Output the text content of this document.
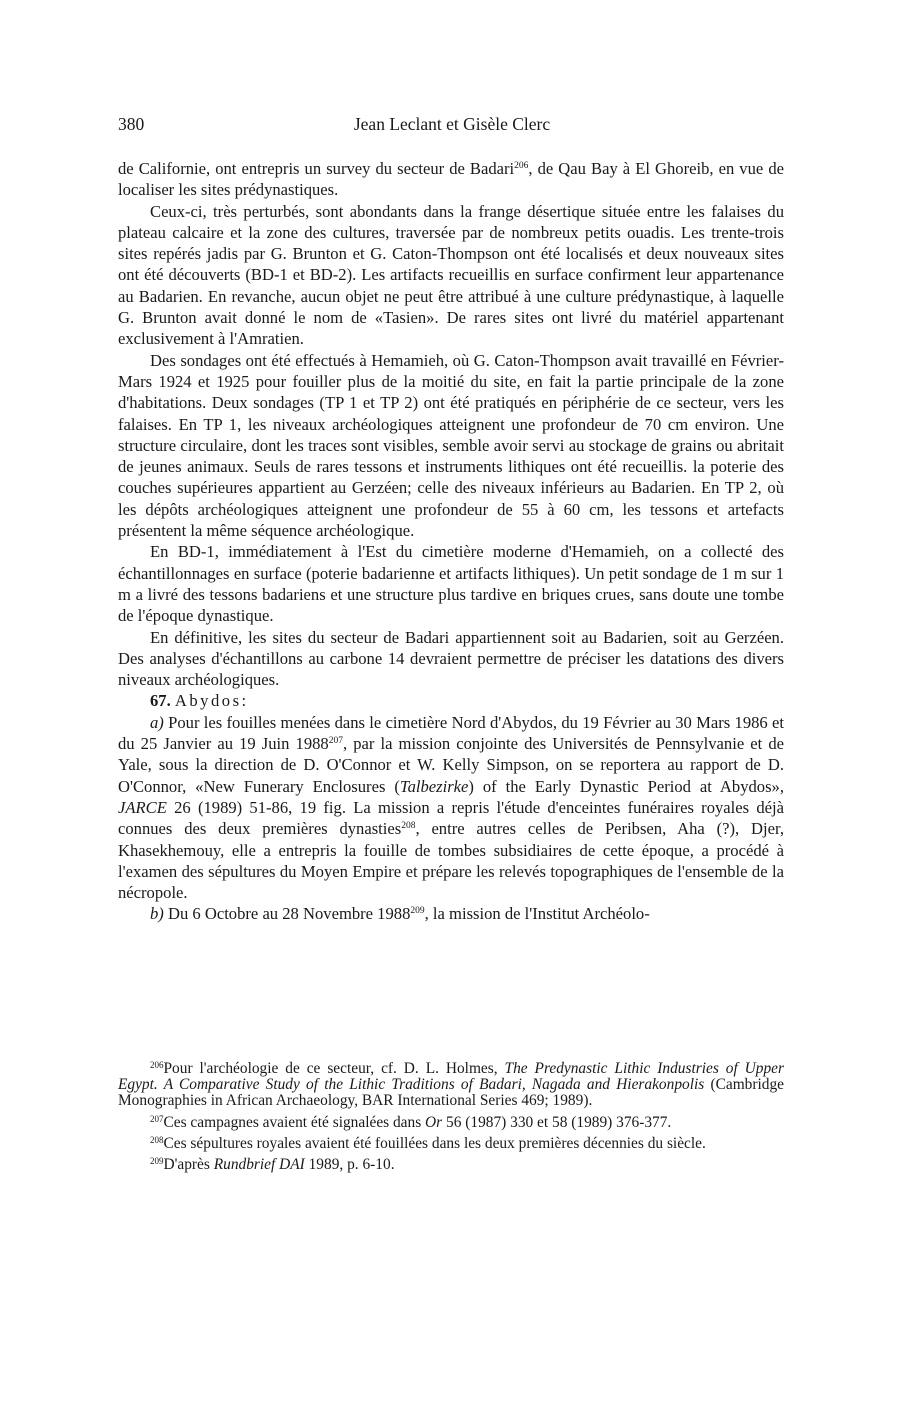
380	Jean Leclant et Gisèle Clerc

de Californie, ont entrepris un survey du secteur de Badari$^{206}$, de Qau Bay à El Ghoreib, en vue de localiser les sites prédynastiques.

Ceux-ci, très perturbés, sont abondants dans la frange désertique située entre les falaises du plateau calcaire et la zone des cultures, traversée par de nombreux petits ouadis. Les trente-trois sites repérés jadis par G. Brunton et G. Caton-Thompson ont été localisés et deux nouveaux sites ont été découverts (BD-1 et BD-2). Les artifacts recueillis en surface confirment leur appartenance au Badarien. En revanche, aucun objet ne peut être attribué à une culture prédynastique, à laquelle G. Brunton avait donné le nom de «Tasien». De rares sites ont livré du matériel appartenant exclusivement à l'Amratien.

Des sondages ont été effectués à Hemamieh, où G. Caton-Thompson avait travaillé en Février-Mars 1924 et 1925 pour fouiller plus de la moitié du site, en fait la partie principale de la zone d'habitations. Deux sondages (TP 1 et TP 2) ont été pratiqués en périphérie de ce secteur, vers les falaises. En TP 1, les niveaux archéologiques atteignent une profondeur de 70 cm environ. Une structure circulaire, dont les traces sont visibles, semble avoir servi au stockage de grains ou abritait de jeunes animaux. Seuls de rares tessons et instruments lithiques ont été recueillis. la poterie des couches supérieures appartient au Gerzéen; celle des niveaux inférieurs au Badarien. En TP 2, où les dépôts archéologiques atteignent une profondeur de 55 à 60 cm, les tessons et artefacts présentent la même séquence archéologique.

En BD-1, immédiatement à l'Est du cimetière moderne d'Hemamieh, on a collecté des échantillonnages en surface (poterie badarienne et artifacts lithiques). Un petit sondage de 1 m sur 1 m a livré des tessons badariens et une structure plus tardive en briques crues, sans doute une tombe de l'époque dynastique.

En définitive, les sites du secteur de Badari appartiennent soit au Badarien, soit au Gerzéen. Des analyses d'échantillons au carbone 14 devraient permettre de préciser les datations des divers niveaux archéologiques.

67. Abydos:

a) Pour les fouilles menées dans le cimetière Nord d'Abydos, du 19 Février au 30 Mars 1986 et du 25 Janvier au 19 Juin 1988$^{207}$, par la mission conjointe des Universités de Pennsylvanie et de Yale, sous la direction de D. O'Connor et W. Kelly Simpson, on se reportera au rapport de D. O'Connor, «New Funerary Enclosures (Talbezirke) of the Early Dynastic Period at Abydos», JARCE 26 (1989) 51-86, 19 fig. La mission a repris l'étude d'enceintes funéraires royales déjà connues des deux premières dynasties$^{208}$, entre autres celles de Peribsen, Aha (?), Djer, Khasekhemouy, elle a entrepris la fouille de tombes subsidiaires de cette époque, a procédé à l'examen des sépultures du Moyen Empire et prépare les relevés topographiques de l'ensemble de la nécropole.

b) Du 6 Octobre au 28 Novembre 1988$^{209}$, la mission de l'Institut Archéolo-

$^{206}$Pour l'archéologie de ce secteur, cf. D. L. Holmes, The Predynastic Lithic Industries of Upper Egypt. A Comparative Study of the Lithic Traditions of Badari, Nagada and Hierakonpolis (Cambridge Monographies in African Archaeology, BAR International Series 469; 1989).

$^{207}$Ces campagnes avaient été signalées dans Or 56 (1987) 330 et 58 (1989) 376-377.

$^{208}$Ces sépultures royales avaient été fouillées dans les deux premières décennies du siècle.

$^{209}$D'après Rundbrief DAI 1989, p. 6-10.
